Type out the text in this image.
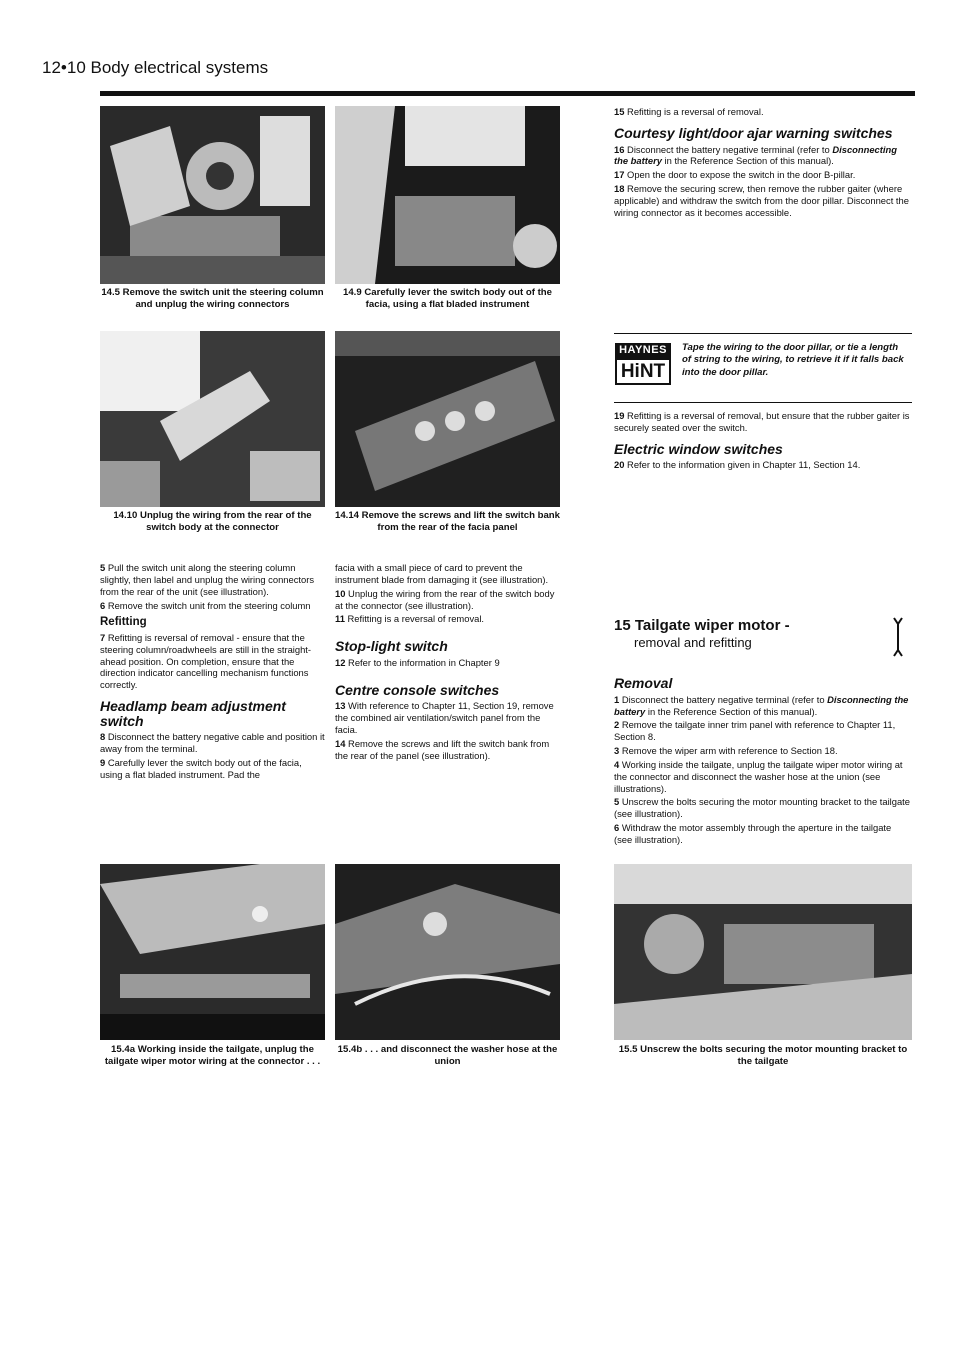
12•10 Body electrical systems
14.5 Remove the switch unit the steering column and unplug the wiring connectors
14.9 Carefully lever the switch body out of the facia, using a flat bladed instrument
14.10 Unplug the wiring from the rear of the switch body at the connector
14.14 Remove the screws and lift the switch bank from the rear of the facia panel

5 Pull the switch unit along the steering column slightly, then label and unplug the wiring connectors from the rear of the unit (see illustration).

6 Remove the switch unit from the steering column

Refitting

7 Refitting is reversal of removal - ensure that the steering column/roadwheels are still in the straight-ahead position. On completion, ensure that the direction indicator cancelling mechanism functions correctly.

Headlamp beam adjustment switch

8 Disconnect the battery negative cable and position it away from the terminal.

9 Carefully lever the switch body out of the facia, using a flat bladed instrument. Pad the

facia with a small piece of card to prevent the instrument blade from damaging it (see illustration).

10 Unplug the wiring from the rear of the switch body at the connector (see illustration).

11 Refitting is a reversal of removal.

Stop-light switch

12 Refer to the information in Chapter 9

Centre console switches

13 With reference to Chapter 11, Section 19, remove the combined air ventilation/switch panel from the facia.

14 Remove the screws and lift the switch bank from the rear of the panel (see illustration).

15 Refitting is a reversal of removal.

Courtesy light/door ajar warning switches

16 Disconnect the battery negative terminal (refer to Disconnecting the battery in the Reference Section of this manual).

17 Open the door to expose the switch in the door B-pillar.

18 Remove the securing screw, then remove the rubber gaiter (where applicable) and withdraw the switch from the door pillar. Disconnect the wiring connector as it becomes accessible.

HAYNES
HiNT
Tape the wiring to the door pillar, or tie a length of string to the wiring, to retrieve it if it falls back into the door pillar.

19 Refitting is a reversal of removal, but ensure that the rubber gaiter is securely seated over the switch.

Electric window switches

20 Refer to the information given in Chapter 11, Section 14.

15 Tailgate wiper motor -
removal and refitting
Removal

1 Disconnect the battery negative terminal (refer to Disconnecting the battery in the Reference Section of this manual).

2 Remove the tailgate inner trim panel with reference to Chapter 11, Section 8.

3 Remove the wiper arm with reference to Section 18.

4 Working inside the tailgate, unplug the tailgate wiper motor wiring at the connector and disconnect the washer hose at the union (see illustrations).

5 Unscrew the bolts securing the motor mounting bracket to the tailgate (see illustration).

6 Withdraw the motor assembly through the aperture in the tailgate (see illustration).

15.4a Working inside the tailgate, unplug the tailgate wiper motor wiring at the connector . . .
15.4b . . . and disconnect the washer hose at the union
15.5 Unscrew the bolts securing the motor mounting bracket to the tailgate
